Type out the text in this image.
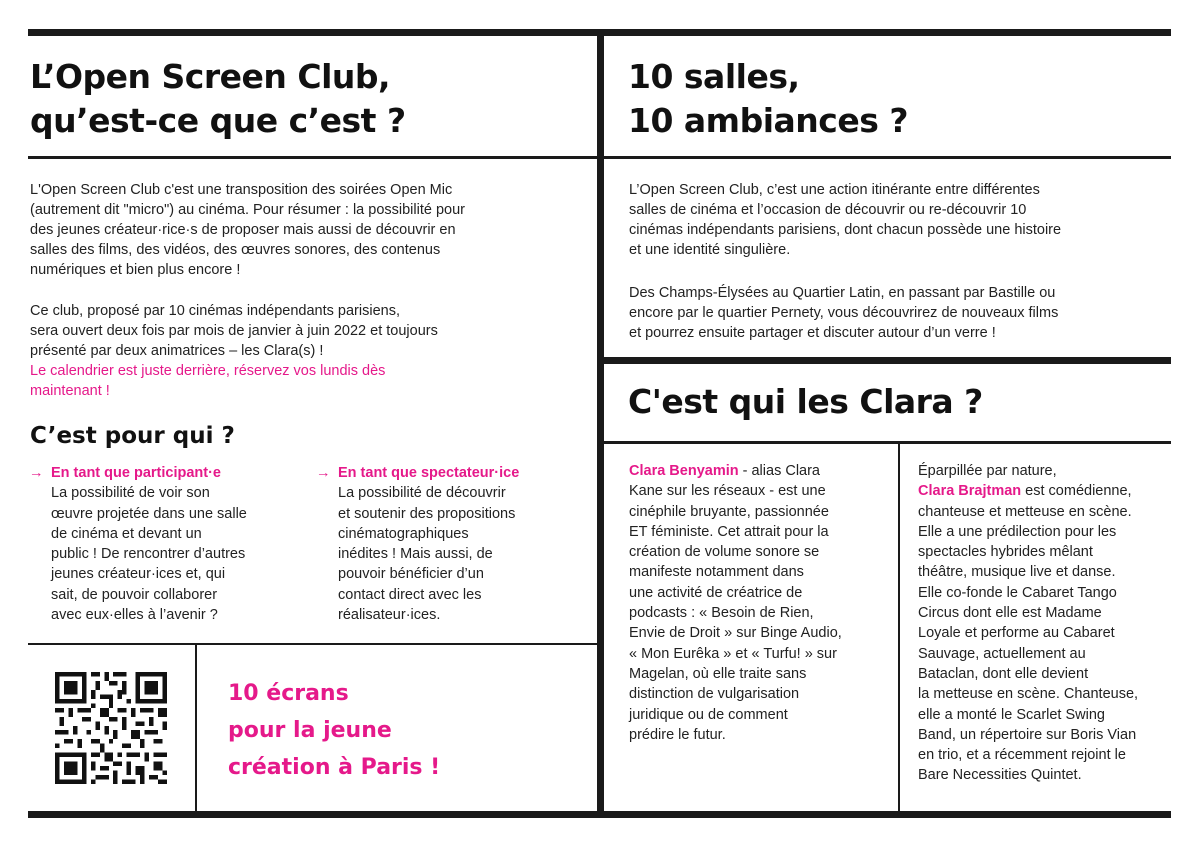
L’Open Screen Club,
qu’est-ce que c’est ?
L'Open Screen Club c'est une transposition des soirées Open Mic
(autrement dit "micro") au cinéma. Pour résumer : la possibilité pour
des jeunes créateur·rice·s de proposer mais aussi de découvrir en
salles des films, des vidéos, des œuvres sonores, des contenus
numériques et bien plus encore !
Ce club, proposé par 10 cinémas indépendants parisiens,
sera ouvert deux fois par mois de janvier à juin 2022 et toujours
présenté par deux animatrices – les Clara(s) !
Le calendrier est juste derrière, réservez vos lundis dès
maintenant !
C’est pour qui ?
→ En tant que participant·e
La possibilité de voir son
œuvre projetée dans une salle
de cinéma et devant un
public ! De rencontrer d’autres
jeunes créateur·ices et, qui
sait, de pouvoir collaborer
avec eux·elles à l’avenir ?
→ En tant que spectateur·ice
La possibilité de découvrir
et soutenir des propositions
cinématographiques
inédites ! Mais aussi, de
pouvoir bénéficier d’un
contact direct avec les
réalisateur·ices.
10 écrans
pour la jeune
création à Paris !
10 salles,
10 ambiances ?
L’Open Screen Club, c’est une action itinérante entre différentes
salles de cinéma et l’occasion de découvrir ou re-découvrir 10
cinémas indépendants parisiens, dont chacun possède une histoire
et une identité singulière.
Des Champs-Élysées au Quartier Latin, en passant par Bastille ou
encore par le quartier Pernety, vous découvrirez de nouveaux films
et pourrez ensuite partager et discuter autour d’un verre !
C'est qui les Clara ?
Clara Benyamin - alias Clara
Kane sur les réseaux - est une
cinéphile bruyante, passionnée
ET féministe. Cet attrait pour la
création de volume sonore se
manifeste notamment dans
une activité de créatrice de
podcasts : « Besoin de Rien,
Envie de Droit » sur Binge Audio,
« Mon Eurêka » et « Turfu! » sur
Magelan, où elle traite sans
distinction de vulgarisation
juridique ou de comment
prédire le futur.
Éparpillée par nature,
Clara Brajtman est comédienne,
chanteuse et metteuse en scène.
Elle a une prédilection pour les
spectacles hybrides mêlant
théâtre, musique live et danse.
Elle co-fonde le Cabaret Tango
Circus dont elle est Madame
Loyale et performe au Cabaret
Sauvage, actuellement au
Bataclan, dont elle devient
la metteuse en scène. Chanteuse,
elle a monté le Scarlet Swing
Band, un répertoire sur Boris Vian
en trio, et a récemment rejoint le
Bare Necessities Quintet.
